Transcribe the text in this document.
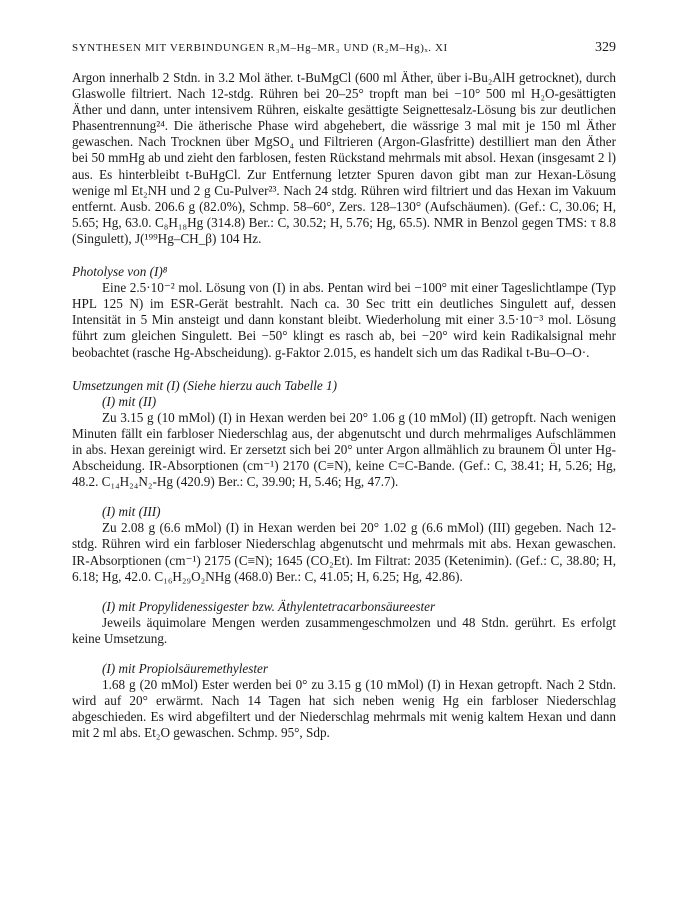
SYNTHESEN MIT VERBINDUNGEN R₃M–Hg–MR₃ UND (R₂M–Hg)ₓ. XI	329

Argon innerhalb 2 Stdn. in 3.2 Mol äther. t-BuMgCl (600 ml Äther, über i-Bu₂AlH getrocknet), durch Glaswolle filtriert. Nach 12-stdg. Rühren bei 20–25° tropft man bei −10° 500 ml H₂O-gesättigten Äther und dann, unter intensivem Rühren, eiskalte gesättigte Seignettesalz-Lösung bis zur deutlichen Phasentrennung²⁴. Die ätherische Phase wird abgehebert, die wässrige 3 mal mit je 150 ml Äther gewaschen. Nach Trocknen über MgSO₄ und Filtrieren (Argon-Glasfritte) destilliert man den Äther bei 50 mmHg ab und zieht den farblosen, festen Rückstand mehrmals mit absol. Hexan (insgesamt 2 l) aus. Es hinterbleibt t-BuHgCl. Zur Entfernung letzter Spuren davon gibt man zur Hexan-Lösung wenige ml Et₂NH und 2 g Cu-Pulver²³. Nach 24 stdg. Rühren wird filtriert und das Hexan im Vakuum entfernt. Ausb. 206.6 g (82.0%), Schmp. 58–60°, Zers. 128–130° (Aufschäumen). (Gef.: C, 30.06; H, 5.65; Hg, 63.0. C₈H₁₈Hg (314.8) Ber.: C, 30.52; H, 5.76; Hg, 65.5). NMR in Benzol gegen TMS: τ 8.8 (Singulett), J(¹⁹⁹Hg–CH_β) 104 Hz.

Photolyse von (I)⁸

Eine 2.5·10⁻² mol. Lösung von (I) in abs. Pentan wird bei −100° mit einer Tageslichtlampe (Typ HPL 125 N) im ESR-Gerät bestrahlt. Nach ca. 30 Sec tritt ein deutliches Singulett auf, dessen Intensität in 5 Min ansteigt und dann konstant bleibt. Wiederholung mit einer 3.5·10⁻³ mol. Lösung führt zum gleichen Singulett. Bei −50° klingt es rasch ab, bei −20° wird kein Radikalsignal mehr beobachtet (rasche Hg-Abscheidung). g-Faktor 2.015, es handelt sich um das Radikal t-Bu–O–O·.

Umsetzungen mit (I) (Siehe hierzu auch Tabelle 1)

(I) mit (II)

Zu 3.15 g (10 mMol) (I) in Hexan werden bei 20° 1.06 g (10 mMol) (II) getropft. Nach wenigen Minuten fällt ein farbloser Niederschlag aus, der abgenutscht und durch mehrmaliges Aufschlämmen in abs. Hexan gereinigt wird. Er zersetzt sich bei 20° unter Argon allmählich zu braunem Öl unter Hg-Abscheidung. IR-Absorptionen (cm⁻¹) 2170 (C≡N), keine C=C-Bande. (Gef.: C, 38.41; H, 5.26; Hg, 48.2. C₁₄H₂₄N₂-Hg (420.9) Ber.: C, 39.90; H, 5.46; Hg, 47.7).

(I) mit (III)

Zu 2.08 g (6.6 mMol) (I) in Hexan werden bei 20° 1.02 g (6.6 mMol) (III) gegeben. Nach 12-stdg. Rühren wird ein farbloser Niederschlag abgenutscht und mehrmals mit abs. Hexan gewaschen. IR-Absorptionen (cm⁻¹) 2175 (C≡N); 1645 (CO₂Et). Im Filtrat: 2035 (Ketenimin). (Gef.: C, 38.80; H, 6.18; Hg, 42.0. C₁₆H₂₉O₂NHg (468.0) Ber.: C, 41.05; H, 6.25; Hg, 42.86).

(I) mit Propylidenessigester bzw. Äthylentetracarbonsäureester

Jeweils äquimolare Mengen werden zusammengeschmolzen und 48 Stdn. gerührt. Es erfolgt keine Umsetzung.

(I) mit Propiolsäuremethylester

1.68 g (20 mMol) Ester werden bei 0° zu 3.15 g (10 mMol) (I) in Hexan getropft. Nach 2 Stdn. wird auf 20° erwärmt. Nach 14 Tagen hat sich neben wenig Hg ein farbloser Niederschlag abgeschieden. Es wird abgefiltert und der Niederschlag mehrmals mit wenig kaltem Hexan und dann mit 2 ml abs. Et₂O gewaschen. Schmp. 95°, Sdp.
